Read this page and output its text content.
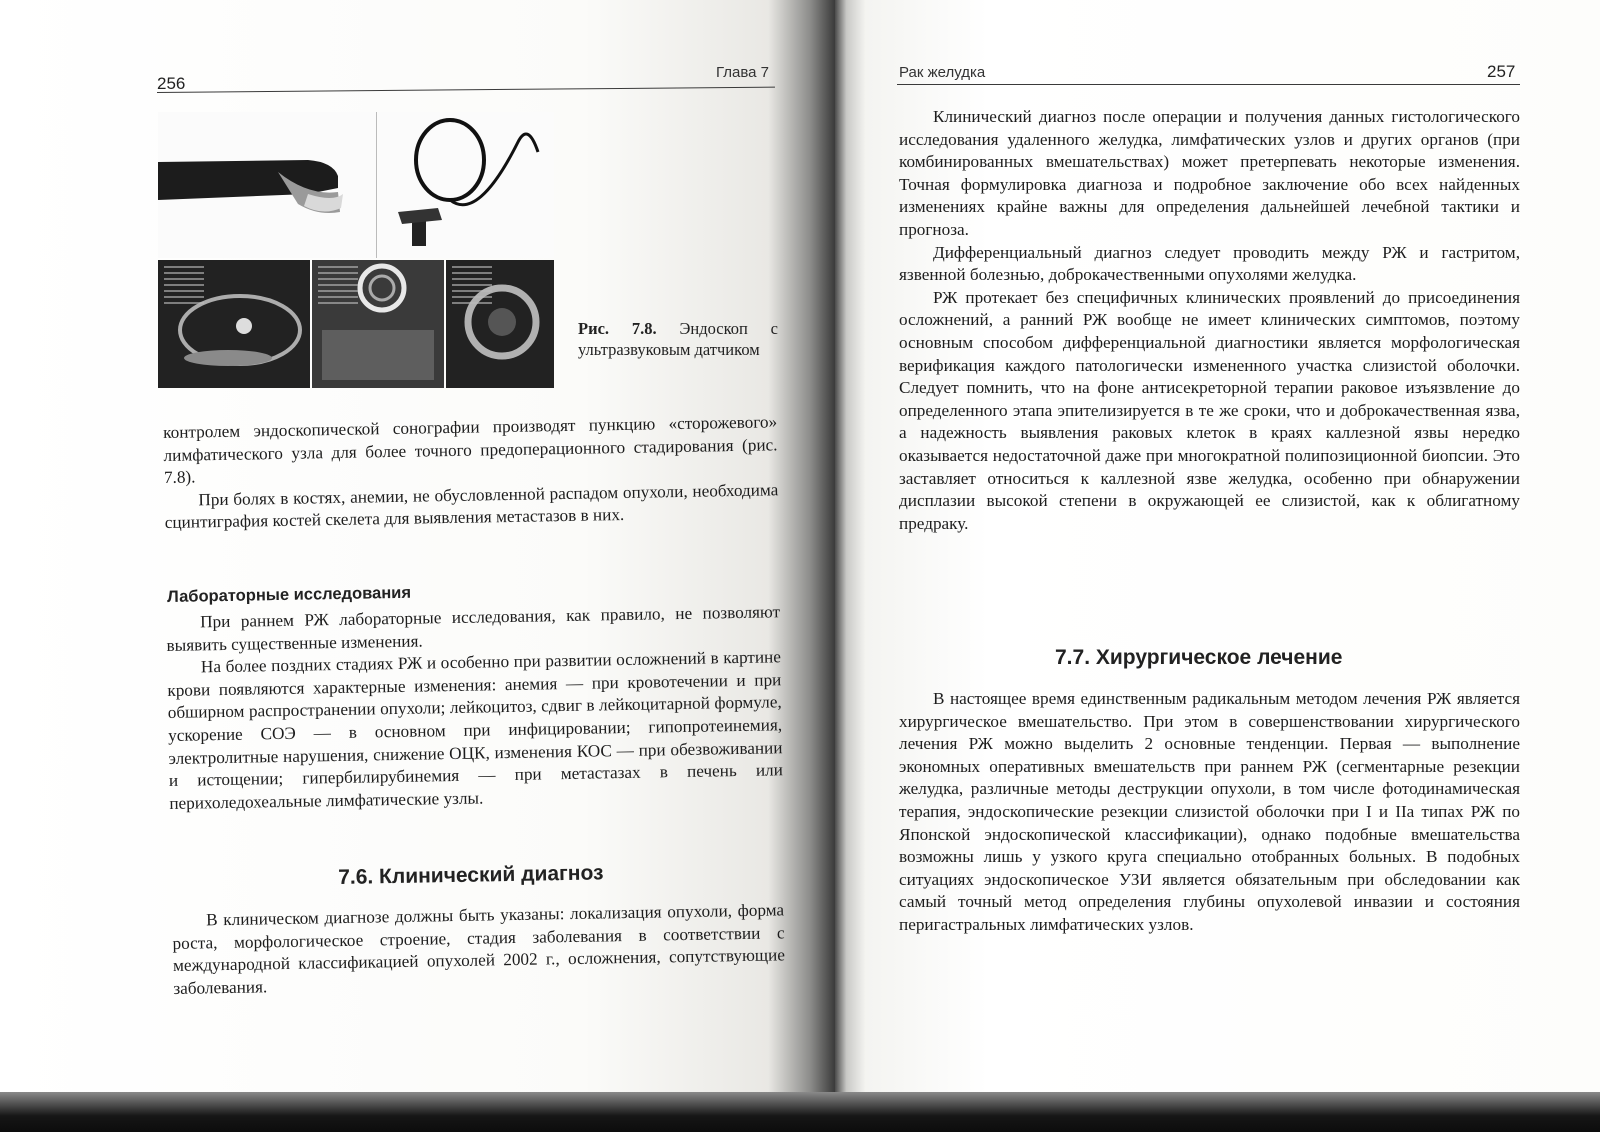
256
Глава 7
Рис. 7.8. Эндоскоп с ультразвуковым датчиком

контролем эндоскопической сонографии производят пункцию «сторожевого» лимфатического узла для более точного предоперационного стадирования (рис. 7.8).

При болях в костях, анемии, не обусловленной распадом опухоли, необходима сцинтиграфия костей скелета для выявления метастазов в них.

Лабораторные исследования

При раннем РЖ лабораторные исследования, как правило, не позволяют выявить существенные изменения.

На более поздних стадиях РЖ и особенно при развитии осложнений в картине крови появляются характерные изменения: анемия — при кровотечении и при обширном распространении опухоли; лейкоцитоз, сдвиг в лейкоцитарной формуле, ускорение СОЭ — в основном при инфицировании; гипопротеинемия, электролитные нарушения, снижение ОЦК, изменения КОС — при обезвоживании и истощении; гипербилирубинемия — при метастазах в печень или перихоледохеальные лимфатические узлы.

7.6. Клинический диагноз

В клиническом диагнозе должны быть указаны: локализация опухоли, форма роста, морфологическое строение, стадия заболевания в соответствии с международной классификацией опухолей 2002 г., осложнения, сопутствующие заболевания.

Рак желудка	257

Клинический диагноз после операции и получения данных гистологического исследования удаленного желудка, лимфатических узлов и других органов (при комбинированных вмешательствах) может претерпевать некоторые изменения. Точная формулировка диагноза и подробное заключение обо всех найденных изменениях крайне важны для определения дальнейшей лечебной тактики и прогноза.

Дифференциальный диагноз следует проводить между РЖ и гастритом, язвенной болезнью, доброкачественными опухолями желудка.

РЖ протекает без специфичных клинических проявлений до присоединения осложнений, а ранний РЖ вообще не имеет клинических симптомов, поэтому основным способом дифференциальной диагностики является морфологическая верификация каждого патологически измененного участка слизистой оболочки. Следует помнить, что на фоне антисекреторной терапии раковое изъязвление до определенного этапа эпителизируется в те же сроки, что и доброкачественная язва, а надежность выявления раковых клеток в краях каллезной язвы нередко оказывается недостаточной даже при многократной полипозиционной биопсии. Это заставляет относиться к каллезной язве желудка, особенно при обнаружении дисплазии высокой степени в окружающей ее слизистой, как к облигатному предраку.

7.7. Хирургическое лечение

В настоящее время единственным радикальным методом лечения РЖ является хирургическое вмешательство. При этом в совершенствовании хирургического лечения РЖ можно выделить 2 основные тенденции. Первая — выполнение экономных оперативных вмешательств при раннем РЖ (сегментарные резекции желудка, различные методы деструкции опухоли, в том числе фотодинамическая терапия, эндоскопические резекции слизистой оболочки при I и IIa типах РЖ по Японской эндоскопической классификации), однако подобные вмешательства возможны лишь у узкого круга специально отобранных больных. В подобных ситуациях эндоскопическое УЗИ является обязательным при обследовании как самый точный метод определения глубины опухолевой инвазии и состояния перигастральных лимфатических узлов.
